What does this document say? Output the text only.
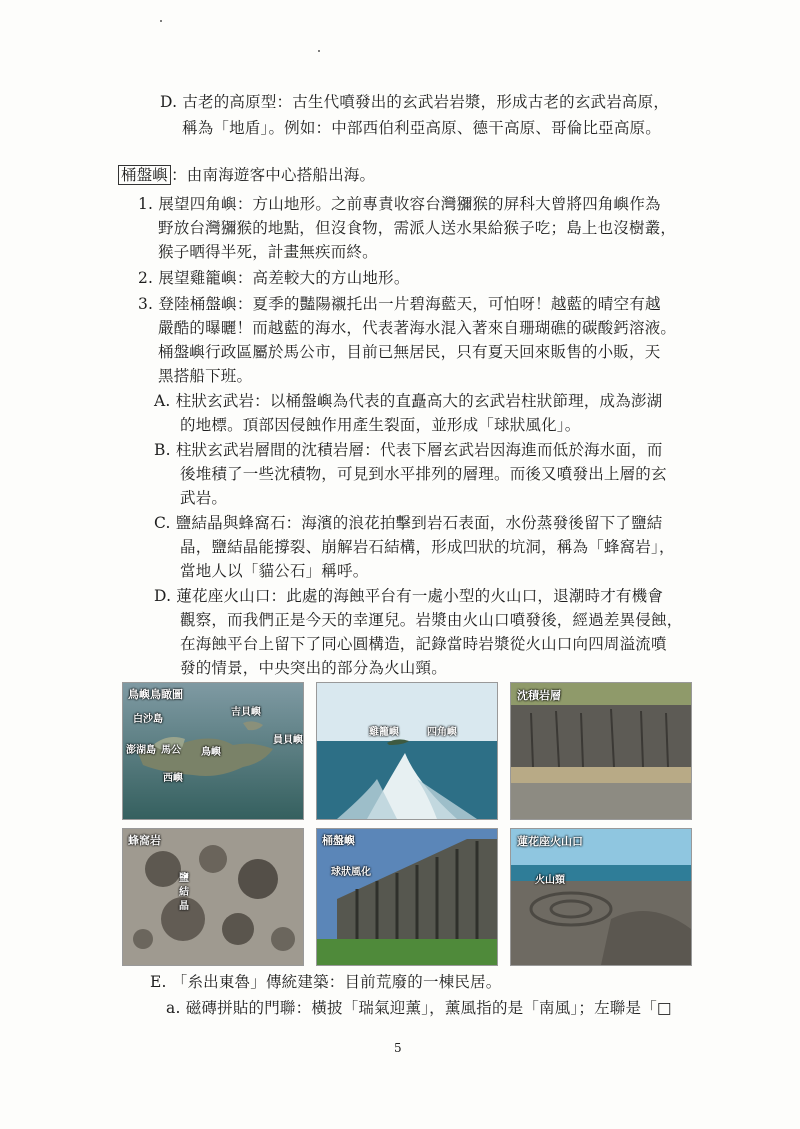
D. 古老的高原型：古生代噴發出的玄武岩岩漿，形成古老的玄武岩高原，
稱為「地盾」。例如：中部西伯利亞高原、德干高原、哥倫比亞高原。
桶盤嶼 ：由南海遊客中心搭船出海。
1. 展望四角嶼：方山地形。之前專責收容台灣獼猴的屏科大曾將四角嶼作為
野放台灣獼猴的地點，但沒食物，需派人送水果給猴子吃；島上也沒樹叢，
猴子晒得半死，計畫無疾而終。
2. 展望雞籠嶼：高差較大的方山地形。
3. 登陸桶盤嶼：夏季的豔陽襯托出一片碧海藍天，可怕呀！越藍的晴空有越
嚴酷的曝曬！而越藍的海水，代表著海水混入著來自珊瑚礁的碳酸鈣溶液。
桶盤嶼行政區屬於馬公市，目前已無居民，只有夏天回來販售的小販，天
黑搭船下班。
A. 柱狀玄武岩：以桶盤嶼為代表的直矗高大的玄武岩柱狀節理，成為澎湖
的地標。頂部因侵蝕作用產生裂面，並形成「球狀風化」。
B. 柱狀玄武岩層間的沈積岩層：代表下層玄武岩因海進而低於海水面，而
後堆積了一些沈積物，可見到水平排列的層理。而後又噴發出上層的玄
武岩。
C. 鹽結晶與蜂窩石：海濱的浪花拍擊到岩石表面，水份蒸發後留下了鹽結
晶，鹽結晶能撐裂、崩解岩石結構，形成凹狀的坑洞，稱為「蜂窩岩」，
當地人以「貓公石」稱呼。
D. 蓮花座火山口：此處的海蝕平台有一處小型的火山口，退潮時才有機會
觀察，而我們正是今天的幸運兒。岩漿由火山口噴發後，經過差異侵蝕，
在海蝕平台上留下了同心圓構造，記錄當時岩漿從火山口向四周溢流噴
發的情景，中央突出的部分為火山頸。
鳥嶼鳥瞰圖
白沙島
吉貝嶼
員貝嶼
鳥嶼
馬公
澎湖島
西嶼
雞籠嶼	四角嶼
沈積岩層
蜂窩岩
鹽
結
晶
桶盤嶼
球狀風化
蓮花座火山口
火山頸
E. 「糸出東魯」傳統建築：目前荒廢的一棟民居。
a. 磁磚拼貼的門聯：橫披「瑞氣迎薰」，薰風指的是「南風」；左聯是「□
5
